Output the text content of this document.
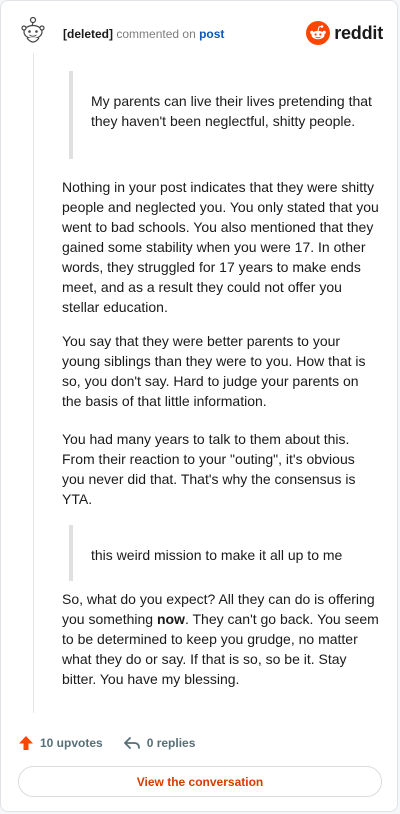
[deleted] commented on post	reddit
My parents can live their lives pretending that they haven't been neglectful, shitty people.
Nothing in your post indicates that they were shitty people and neglected you. You only stated that you went to bad schools. You also mentioned that they gained some stability when you were 17. In other words, they struggled for 17 years to make ends meet, and as a result they could not offer you stellar education.
You say that they were better parents to your young siblings than they were to you. How that is so, you don't say. Hard to judge your parents on the basis of that little information.
You had many years to talk to them about this. From their reaction to your "outing", it's obvious you never did that. That's why the consensus is YTA.
this weird mission to make it all up to me
So, what do you expect? All they can do is offering you something now. They can't go back. You seem to be determined to keep you grudge, no matter what they do or say. If that is so, so be it. Stay bitter. You have my blessing.
10 upvotes	0 replies
View the conversation
